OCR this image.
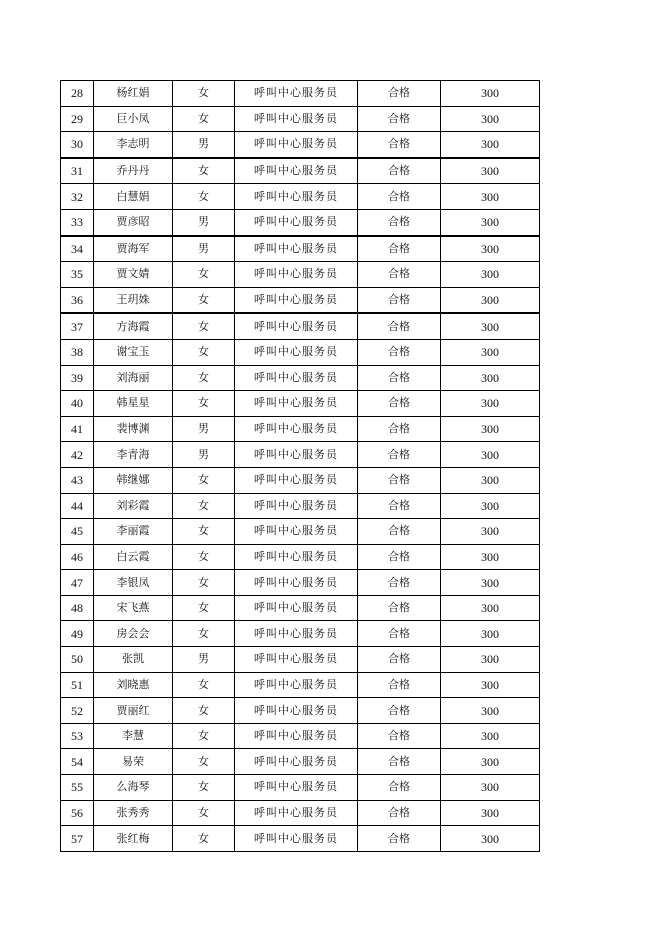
28	杨红娟	女	呼叫中心服务员	合格	300
29	巨小凤	女	呼叫中心服务员	合格	300
30	李志明	男	呼叫中心服务员	合格	300
31	乔丹丹	女	呼叫中心服务员	合格	300
32	白慧娟	女	呼叫中心服务员	合格	300
33	贾彦昭	男	呼叫中心服务员	合格	300
34	贾海军	男	呼叫中心服务员	合格	300
35	贾文婧	女	呼叫中心服务员	合格	300
36	王玥姝	女	呼叫中心服务员	合格	300
37	方海霞	女	呼叫中心服务员	合格	300
38	谢宝玉	女	呼叫中心服务员	合格	300
39	刘海丽	女	呼叫中心服务员	合格	300
40	韩星星	女	呼叫中心服务员	合格	300
41	裴博渊	男	呼叫中心服务员	合格	300
42	李青海	男	呼叫中心服务员	合格	300
43	韩继娜	女	呼叫中心服务员	合格	300
44	刘彩霞	女	呼叫中心服务员	合格	300
45	李丽霞	女	呼叫中心服务员	合格	300
46	白云霞	女	呼叫中心服务员	合格	300
47	李银凤	女	呼叫中心服务员	合格	300
48	宋飞燕	女	呼叫中心服务员	合格	300
49	房会会	女	呼叫中心服务员	合格	300
50	张凯	男	呼叫中心服务员	合格	300
51	刘晓惠	女	呼叫中心服务员	合格	300
52	贾丽红	女	呼叫中心服务员	合格	300
53	李慧	女	呼叫中心服务员	合格	300
54	易荣	女	呼叫中心服务员	合格	300
55	么海琴	女	呼叫中心服务员	合格	300
56	张秀秀	女	呼叫中心服务员	合格	300
57	张红梅	女	呼叫中心服务员	合格	300
